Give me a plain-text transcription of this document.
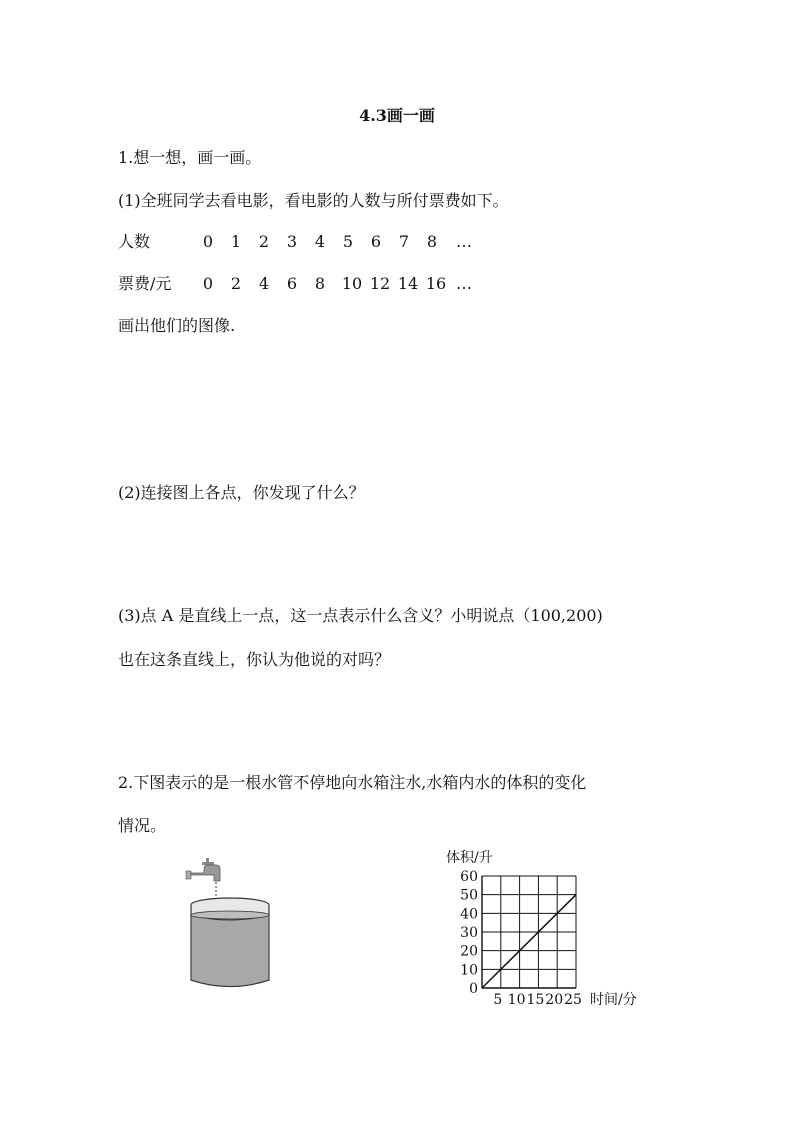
4.3画一画
1.想一想，画一画。
(1)全班同学去看电影，看电影的人数与所付票费如下。
人数	0	1	2	3	4	5	6	7	8	…
票费/元	0	2	4	6	8	10 12 14 16 …
画出他们的图像.
(2)连接图上各点，你发现了什么？
(3)点 A 是直线上一点，这一点表示什么含义？小明说点（100,200)
也在这条直线上，你认为他说的对吗？
2.下图表示的是一根水管不停地向水箱注水,水箱内水的体积的变化
情况。
体积/升
时间/分
0
10
20
30
40
50
60
5 10 15 20 25
